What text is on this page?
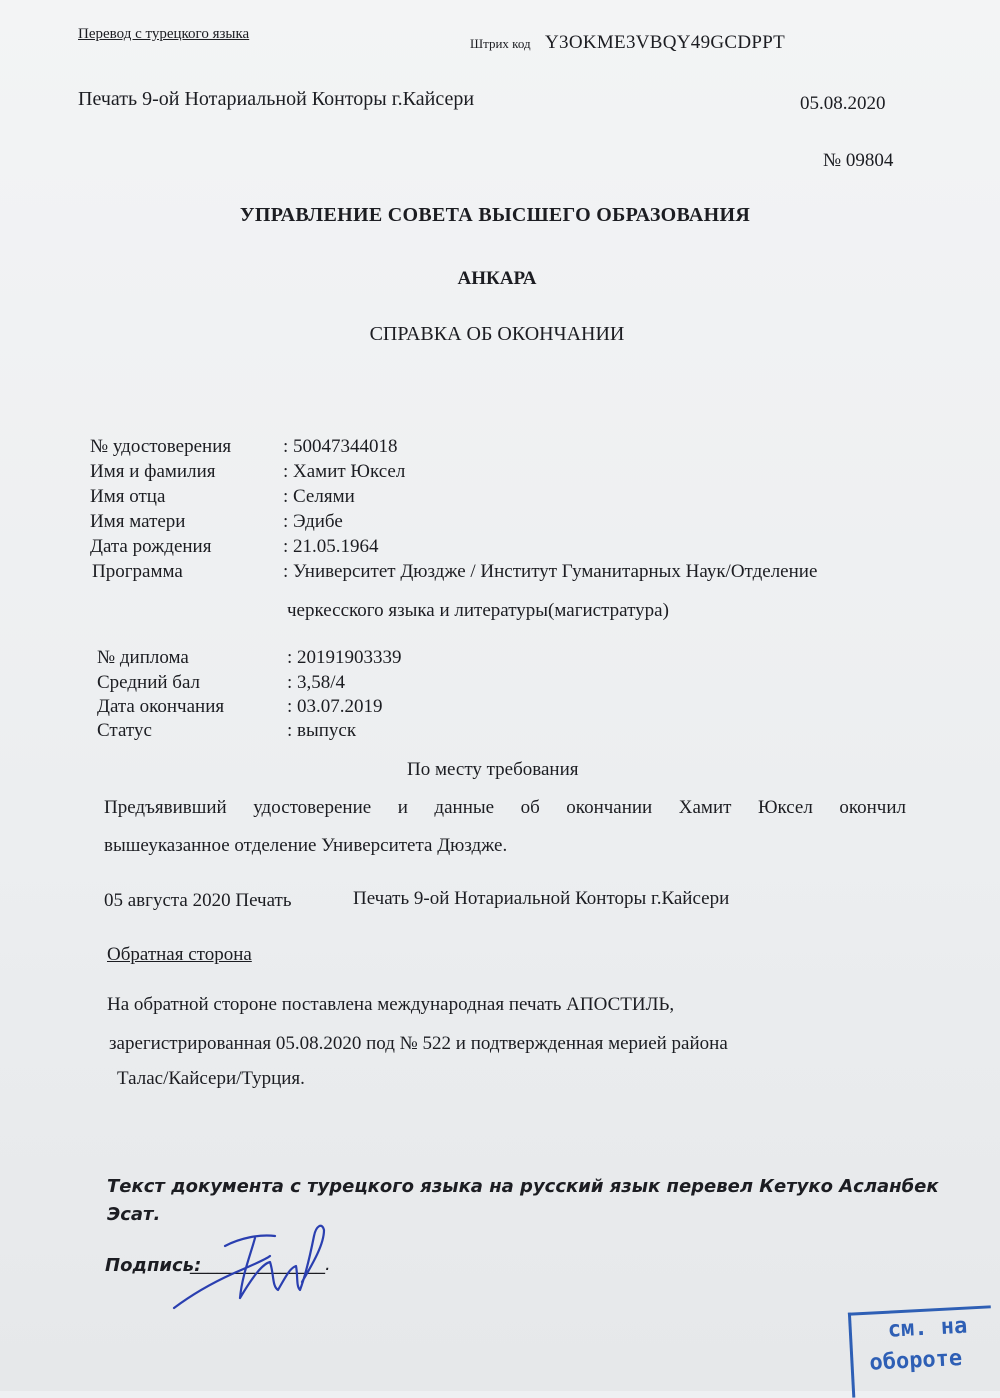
Перевод с турецкого языка
Штрих код Y3OKME3VBQY49GCDPPT
Печать 9-ой Нотариальной Конторы г.Кайсери	05.08.2020
№ 09804
УПРАВЛЕНИЕ СОВЕТА ВЫСШЕГО ОБРАЗОВАНИЯ
АНКАРА
СПРАВКА ОБ ОКОНЧАНИИ
№ удостоверения	: 50047344018
Имя и фамилия	: Хамит Юксел
Имя отца	: Селями
Имя матери	: Эдибе
Дата рождения	: 21.05.1964
Программа	: Университет Дюздже / Институт Гуманитарных Наук/Отделение
черкесского языка и литературы(магистратура)
№ диплома	: 20191903339
Средний бал	: 3,58/4
Дата окончания	: 03.07.2019
Статус	: выпуск
По месту требования
Предъявивший удостоверение и данные об окончании Хамит Юксел окончил
вышеуказанное отделение Университета Дюздже.
05 августа 2020 Печать	Печать 9-ой Нотариальной Конторы г.Кайсери
Обратная сторона
На обратной стороне поставлена международная печать АПОСТИЛЬ,
зарегистрированная 05.08.2020 под № 522 и подтвержденная мерией района
Талас/Кайсери/Турция.
Текст документа с турецкого языка на русский язык перевел Кетуко Асланбек
Эсат.
Подпись:
_______________.
см. на
обороте
